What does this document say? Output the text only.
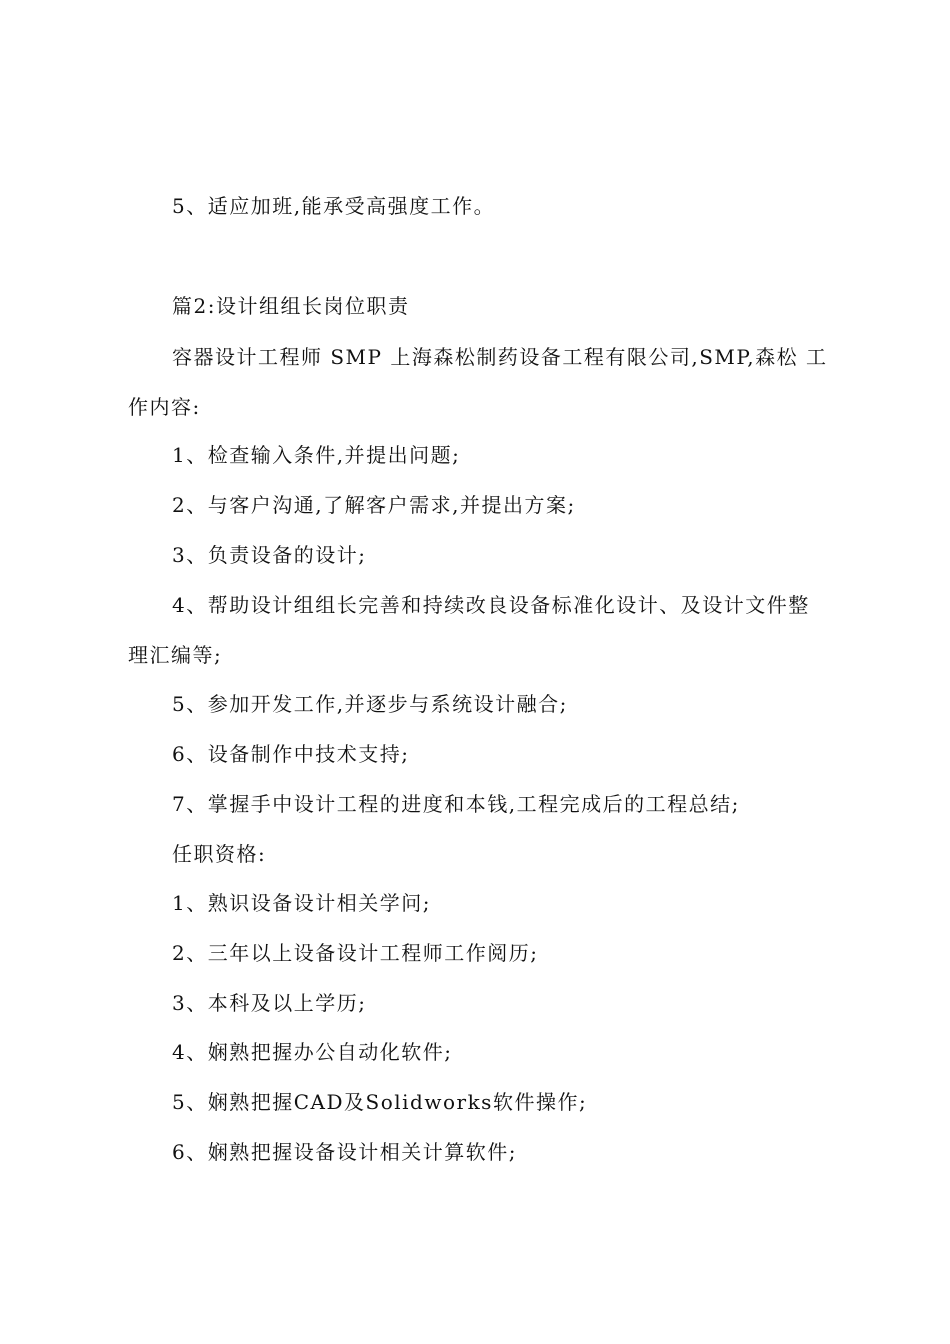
5、适应加班,能承受高强度工作。
篇2:设计组组长岗位职责
容器设计工程师 SMP 上海森松制药设备工程有限公司,SMP,森松 工
作内容:
1、检查输入条件,并提出问题;
2、与客户沟通,了解客户需求,并提出方案;
3、负责设备的设计;
4、帮助设计组组长完善和持续改良设备标准化设计、及设计文件整
理汇编等;
5、参加开发工作,并逐步与系统设计融合;
6、设备制作中技术支持;
7、掌握手中设计工程的进度和本钱,工程完成后的工程总结;
任职资格:
1、熟识设备设计相关学问;
2、三年以上设备设计工程师工作阅历;
3、本科及以上学历;
4、娴熟把握办公自动化软件;
5、娴熟把握CAD及Solidworks软件操作;
6、娴熟把握设备设计相关计算软件;
